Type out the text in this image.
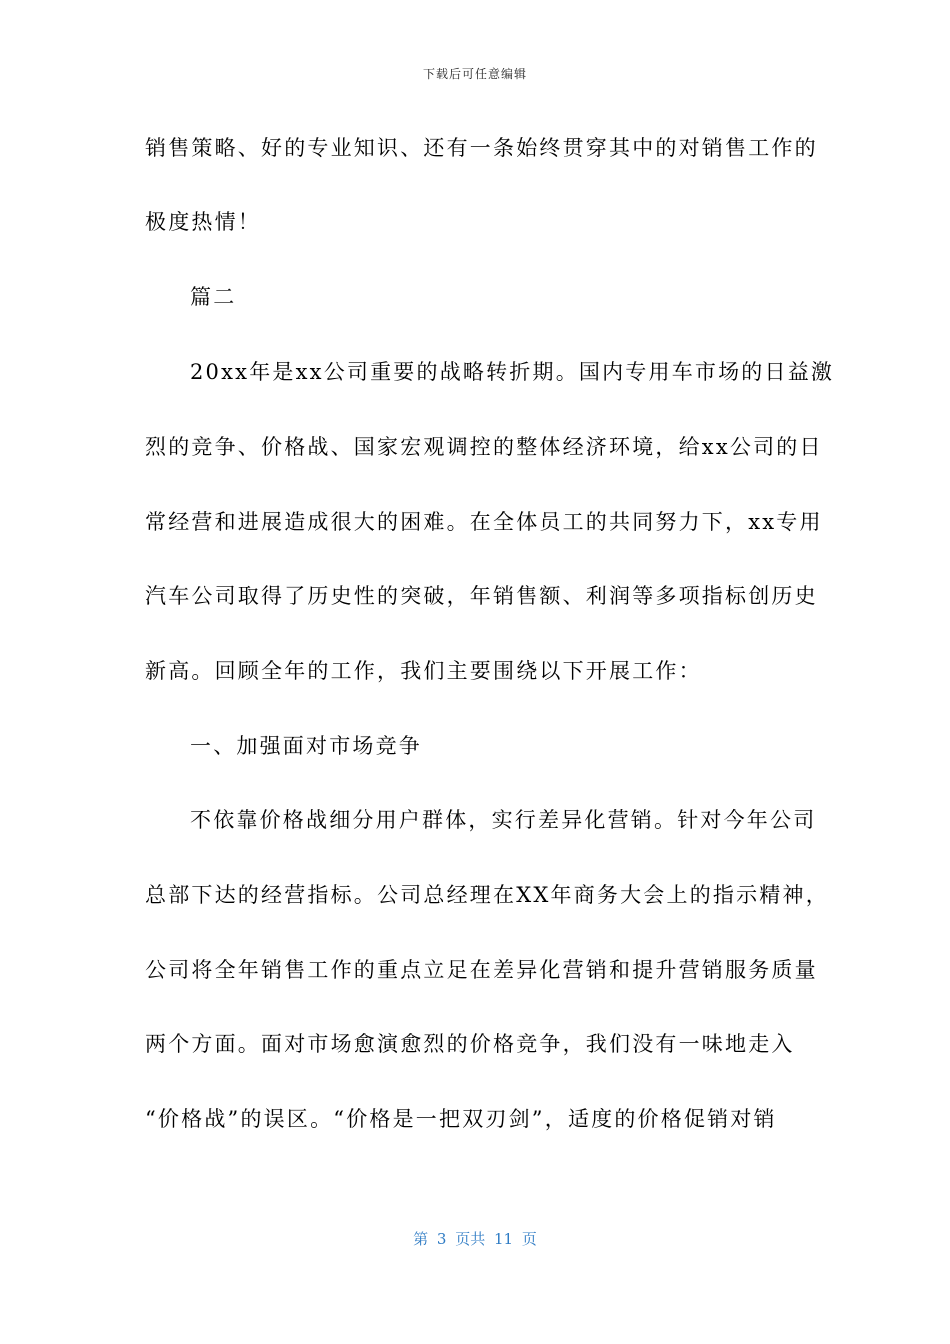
下载后可任意编辑
销售策略、好的专业知识、还有一条始终贯穿其中的对销售工作的
极度热情！
篇二
20xx年是xx公司重要的战略转折期。国内专用车市场的日益激
烈的竞争、价格战、国家宏观调控的整体经济环境，给xx公司的日
常经营和进展造成很大的困难。在全体员工的共同努力下，xx专用
汽车公司取得了历史性的突破，年销售额、利润等多项指标创历史
新高。回顾全年的工作，我们主要围绕以下开展工作：
一、加强面对市场竞争
不依靠价格战细分用户群体，实行差异化营销。针对今年公司
总部下达的经营指标。公司总经理在XX年商务大会上的指示精神，
公司将全年销售工作的重点立足在差异化营销和提升营销服务质量
两个方面。面对市场愈演愈烈的价格竞争，我们没有一味地走入
“价格战”的误区。“价格是一把双刃剑”，适度的价格促销对销
第 3 页共 11 页
